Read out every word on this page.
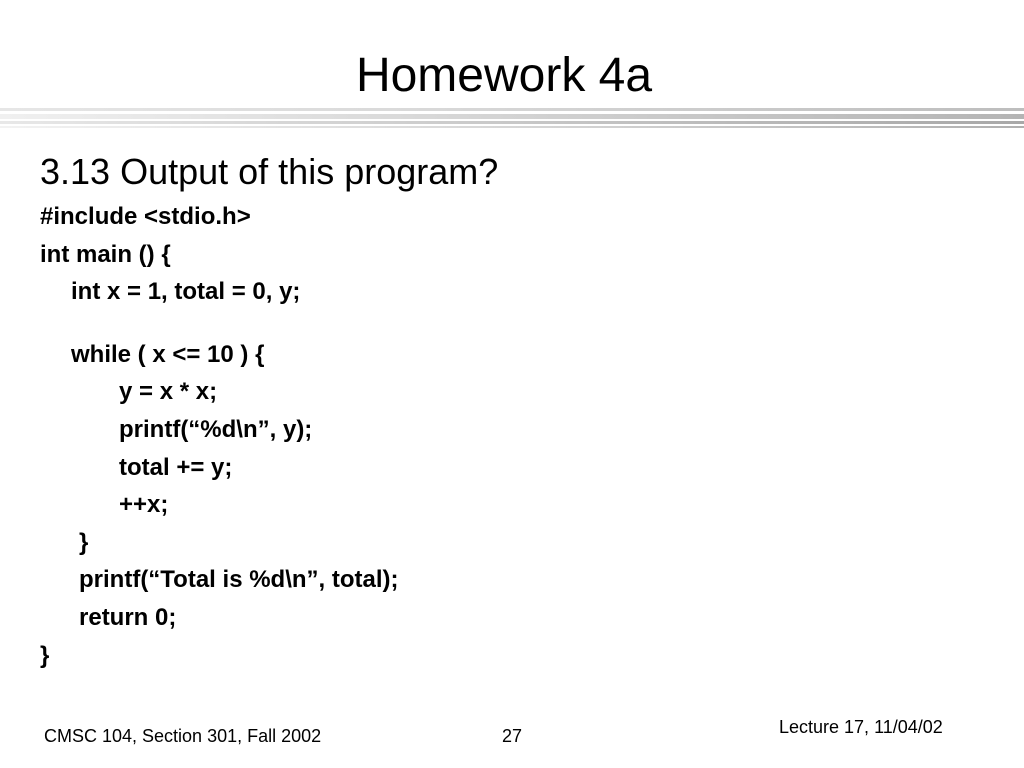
Homework 4a
3.13 Output of this program?
#include <stdio.h>
int main () {
int x = 1, total = 0, y;
while ( x <= 10 ) {
y = x * x;
printf(“%d\n”, y);
total += y;
++x;
}
printf(“Total is %d\n”, total);
return 0;
}
CMSC 104, Section 301, Fall 2002	27	Lecture 17, 11/04/02
